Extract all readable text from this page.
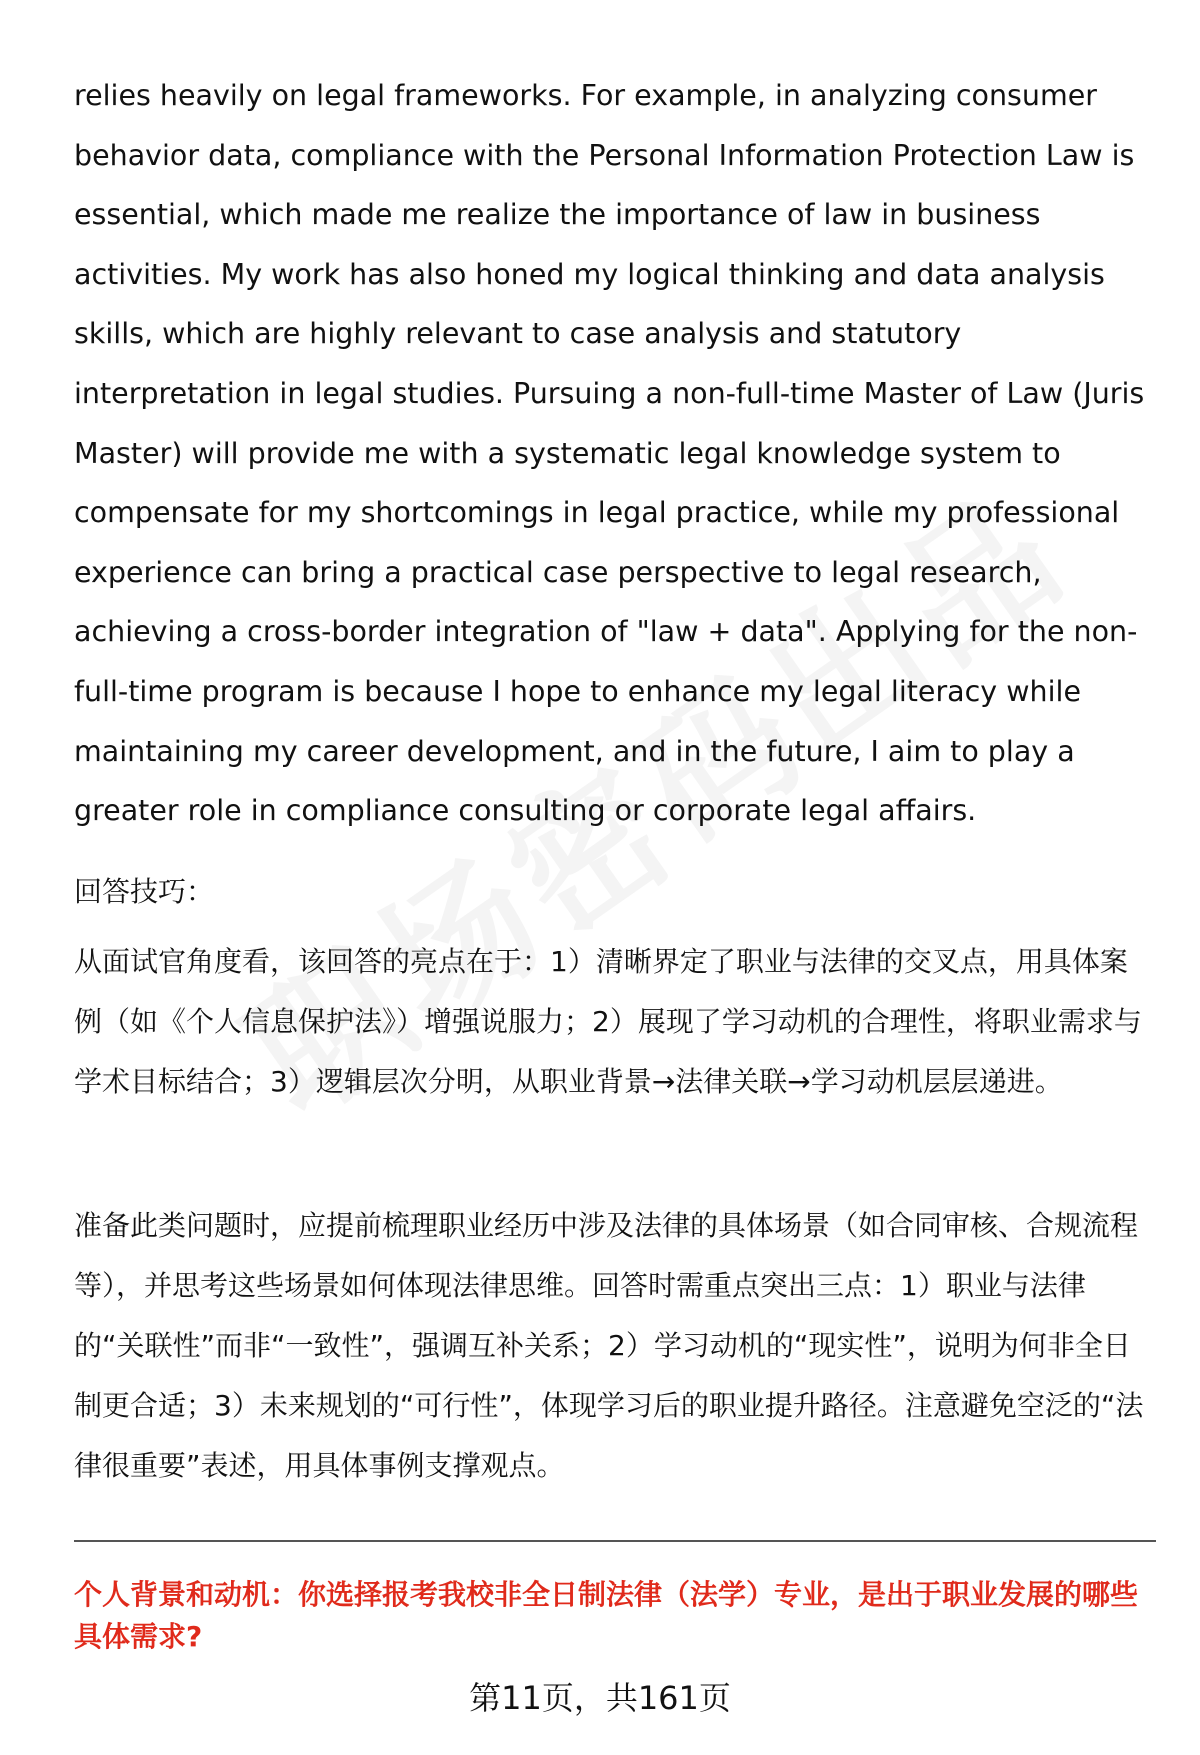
relies heavily on legal frameworks. For example, in analyzing consumer behavior data, compliance with the Personal Information Protection Law is essential, which made me realize the importance of law in business activities. My work has also honed my logical thinking and data analysis skills, which are highly relevant to case analysis and statutory interpretation in legal studies. Pursuing a non-full-time Master of Law (Juris Master) will provide me with a systematic legal knowledge system to compensate for my shortcomings in legal practice, while my professional experience can bring a practical case perspective to legal research, achieving a cross-border integration of "law + data". Applying for the non-full-time program is because I hope to enhance my legal literacy while maintaining my career development, and in the future, I aim to play a greater role in compliance consulting or corporate legal affairs.

回答技巧：

从面试官角度看，该回答的亮点在于：1）清晰界定了职业与法律的交叉点，用具体案例（如《个人信息保护法》）增强说服力；2）展现了学习动机的合理性，将职业需求与学术目标结合；3）逻辑层次分明，从职业背景→法律关联→学习动机层层递进。

准备此类问题时，应提前梳理职业经历中涉及法律的具体场景（如合同审核、合规流程等），并思考这些场景如何体现法律思维。回答时需重点突出三点：1）职业与法律的“关联性”而非“一致性”，强调互补关系；2）学习动机的“现实性”，说明为何非全日制更合适；3）未来规划的“可行性”，体现学习后的职业提升路径。注意避免空泛的“法律很重要”表述，用具体事例支撑观点。

个人背景和动机：你选择报考我校非全日制法律（法学）专业，是出于职业发展的哪些具体需求?

第11页，共161页
